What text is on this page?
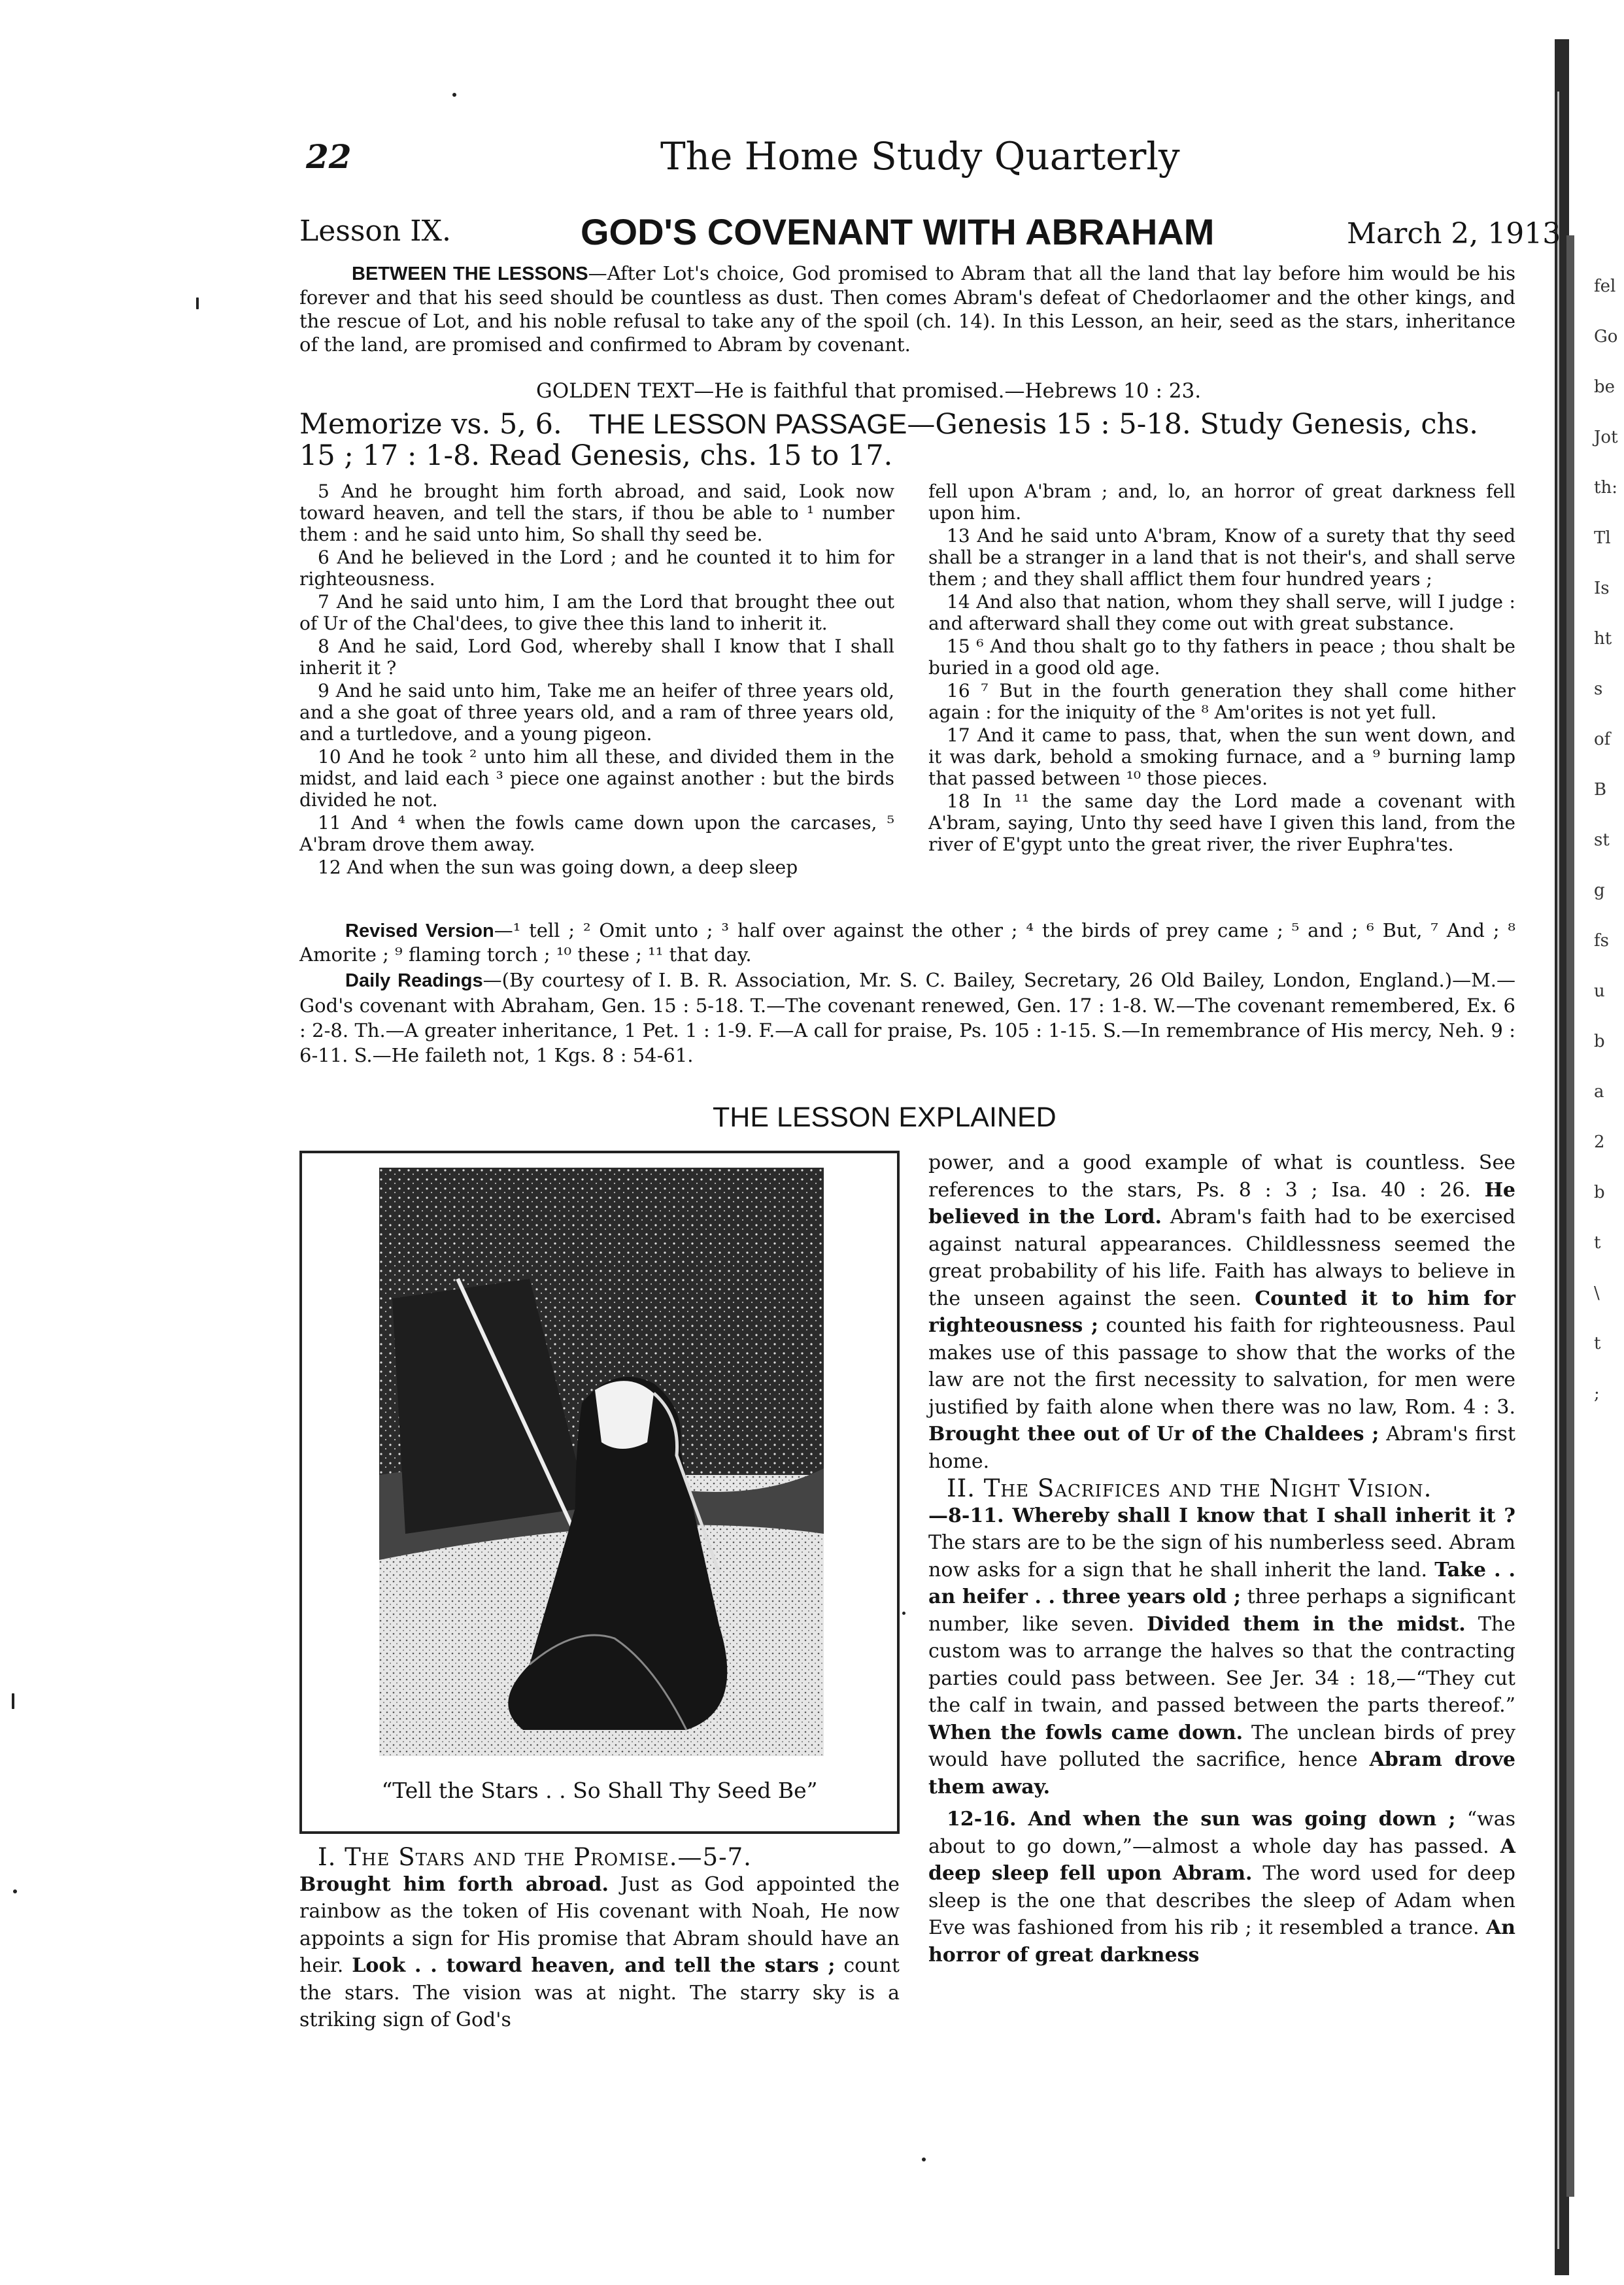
fel
Go
be
Jot
th:
Tl
Is
ht
s
of
B
st
g
fs
u
b
a
2
b
t
\
t
;
22	The Home Study Quarterly
Lesson IX.	GOD'S COVENANT WITH ABRAHAM	March 2, 1913
BETWEEN THE LESSONS—After Lot's choice, God promised to Abram that all the land that lay before him would be his forever and that his seed should be countless as dust. Then comes Abram's defeat of Chedorlaomer and the other kings, and the rescue of Lot, and his noble refusal to take any of the spoil (ch. 14). In this Lesson, an heir, seed as the stars, inheritance of the land, are promised and confirmed to Abram by covenant.
GOLDEN TEXT—He is faithful that promised.—Hebrews 10 : 23.
Memorize vs. 5, 6. THE LESSON PASSAGE—Genesis 15 : 5-18. Study Genesis, chs. 15 ; 17 : 1-8. Read Genesis, chs. 15 to 17.

5 And he brought him forth abroad, and said, Look now toward heaven, and tell the stars, if thou be able to ¹ number them : and he said unto him, So shall thy seed be.

6 And he believed in the Lord ; and he counted it to him for righteousness.

7 And he said unto him, I am the Lord that brought thee out of Ur of the Chal'dees, to give thee this land to inherit it.

8 And he said, Lord God, whereby shall I know that I shall inherit it ?

9 And he said unto him, Take me an heifer of three years old, and a she goat of three years old, and a ram of three years old, and a turtledove, and a young pigeon.

10 And he took ² unto him all these, and divided them in the midst, and laid each ³ piece one against another : but the birds divided he not.

11 And ⁴ when the fowls came down upon the carcases, ⁵ A'bram drove them away.

12 And when the sun was going down, a deep sleep

fell upon A'bram ; and, lo, an horror of great darkness fell upon him.

13 And he said unto A'bram, Know of a surety that thy seed shall be a stranger in a land that is not their's, and shall serve them ; and they shall afflict them four hundred years ;

14 And also that nation, whom they shall serve, will I judge : and afterward shall they come out with great substance.

15 ⁶ And thou shalt go to thy fathers in peace ; thou shalt be buried in a good old age.

16 ⁷ But in the fourth generation they shall come hither again : for the iniquity of the ⁸ Am'orites is not yet full.

17 And it came to pass, that, when the sun went down, and it was dark, behold a smoking furnace, and a ⁹ burning lamp that passed between ¹⁰ those pieces.

18 In ¹¹ the same day the Lord made a covenant with A'bram, saying, Unto thy seed have I given this land, from the river of E'gypt unto the great river, the river Euphra'tes.

Revised Version—¹ tell ; ² Omit unto ; ³ half over against the other ; ⁴ the birds of prey came ; ⁵ and ; ⁶ But, ⁷ And ; ⁸ Amorite ; ⁹ flaming torch ; ¹⁰ these ; ¹¹ that day.
Daily Readings—(By courtesy of I. B. R. Association, Mr. S. C. Bailey, Secretary, 26 Old Bailey, London, England.)—M.—God's covenant with Abraham, Gen. 15 : 5-18. T.—The covenant renewed, Gen. 17 : 1-8. W.—The covenant remembered, Ex. 6 : 2-8. Th.—A greater inheritance, 1 Pet. 1 : 1-9. F.—A call for praise, Ps. 105 : 1-15. S.—In remembrance of His mercy, Neh. 9 : 6-11. S.—He faileth not, 1 Kgs. 8 : 54-61.
THE LESSON EXPLAINED
“Tell the Stars . . So Shall Thy Seed Be”

I. The Stars and the Promise.—5-7.

Brought him forth abroad. Just as God appointed the rainbow as the token of His covenant with Noah, He now appoints a sign for His promise that Abram should have an heir. Look . . toward heaven, and tell the stars ; count the stars. The vision was at night. The starry sky is a striking sign of God's

power, and a good example of what is countless. See references to the stars, Ps. 8 : 3 ; Isa. 40 : 26. He believed in the Lord. Abram's faith had to be exercised against natural appearances. Childlessness seemed the great probability of his life. Faith has always to believe in the unseen against the seen. Counted it to him for righteousness ; counted his faith for righteousness. Paul makes use of this passage to show that the works of the law are not the first necessity to salvation, for men were justified by faith alone when there was no law, Rom. 4 : 3. Brought thee out of Ur of the Chaldees ; Abram's first home.

II. The Sacrifices and the Night Vision.

—8-11. Whereby shall I know that I shall inherit it ? The stars are to be the sign of his numberless seed. Abram now asks for a sign that he shall inherit the land. Take . . an heifer . . three years old ; three perhaps a significant number, like seven. Divided them in the midst. The custom was to arrange the halves so that the contracting parties could pass between. See Jer. 34 : 18,—“They cut the calf in twain, and passed between the parts thereof.” When the fowls came down. The unclean birds of prey would have polluted the sacrifice, hence Abram drove them away.

12-16. And when the sun was going down ; “was about to go down,”—almost a whole day has passed. A deep sleep fell upon Abram. The word used for deep sleep is the one that describes the sleep of Adam when Eve was fashioned from his rib ; it resembled a trance. An horror of great darkness
